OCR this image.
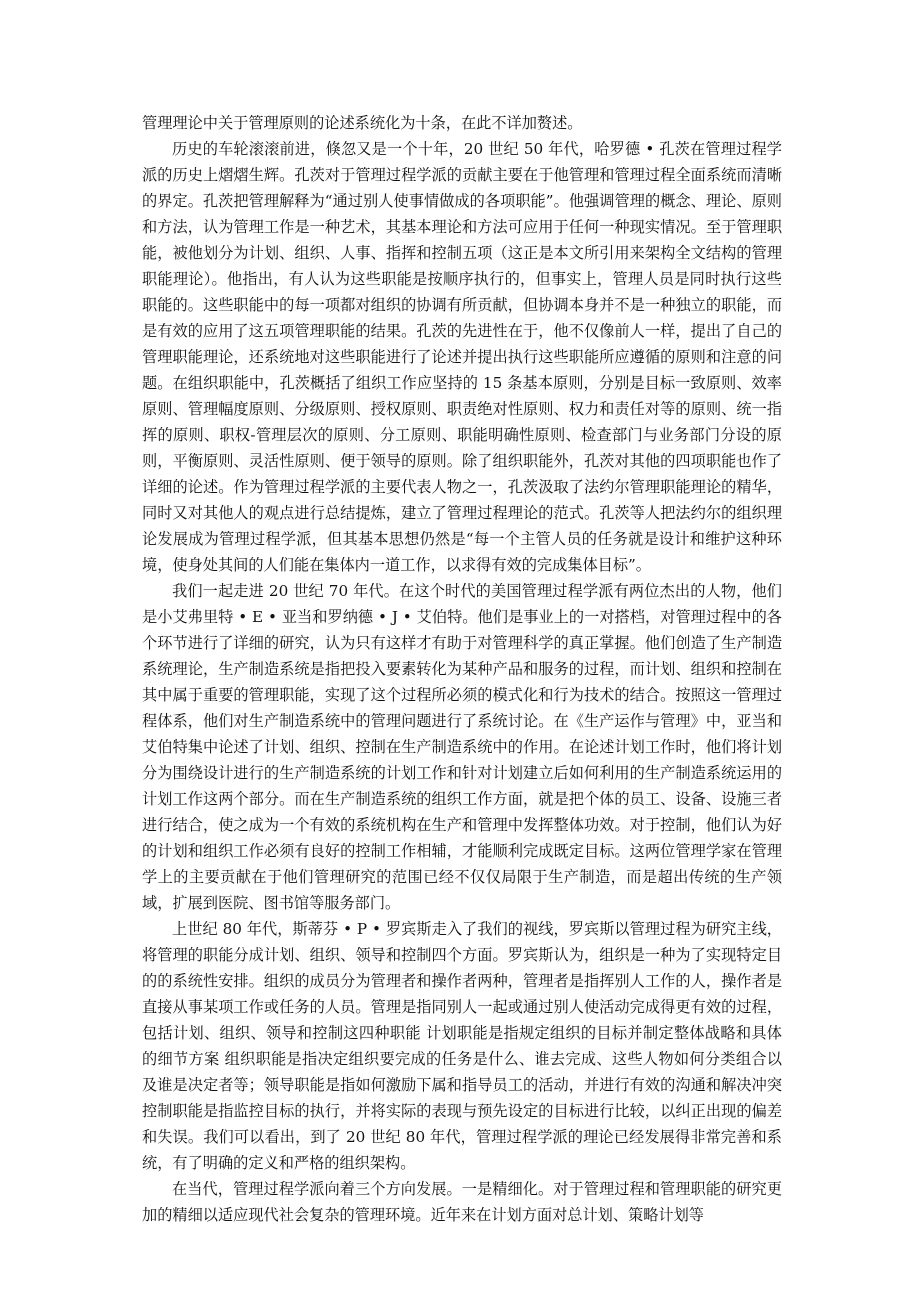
管理理论中关于管理原则的论述系统化为十条，在此不详加赘述。

历史的车轮滚滚前进，倏忽又是一个十年，20 世纪 50 年代，哈罗德 • 孔茨在管理过程学派的历史上熠熠生辉。孔茨对于管理过程学派的贡献主要在于他管理和管理过程全面系统而清晰的界定。孔茨把管理解释为“通过别人使事情做成的各项职能”。他强调管理的概念、理论、原则和方法，认为管理工作是一种艺术，其基本理论和方法可应用于任何一种现实情况。至于管理职能，被他划分为计划、组织、人事、指挥和控制五项（这正是本文所引用来架构全文结构的管理职能理论）。他指出，有人认为这些职能是按顺序执行的，但事实上，管理人员是同时执行这些职能的。这些职能中的每一项都对组织的协调有所贡献，但协调本身并不是一种独立的职能，而是有效的应用了这五项管理职能的结果。孔茨的先进性在于，他不仅像前人一样，提出了自己的管理职能理论，还系统地对这些职能进行了论述并提出执行这些职能所应遵循的原则和注意的问题。在组织职能中，孔茨概括了组织工作应坚持的 15 条基本原则，分别是目标一致原则、效率原则、管理幅度原则、分级原则、授权原则、职责绝对性原则、权力和责任对等的原则、统一指挥的原则、职权-管理层次的原则、分工原则、职能明确性原则、检查部门与业务部门分设的原则，平衡原则、灵活性原则、便于领导的原则。除了组织职能外，孔茨对其他的四项职能也作了详细的论述。作为管理过程学派的主要代表人物之一，孔茨汲取了法约尔管理职能理论的精华，同时又对其他人的观点进行总结提炼，建立了管理过程理论的范式。孔茨等人把法约尔的组织理论发展成为管理过程学派，但其基本思想仍然是“每一个主管人员的任务就是设计和维护这种环境，使身处其间的人们能在集体内一道工作，以求得有效的完成集体目标”。

我们一起走进 20 世纪 70 年代。在这个时代的美国管理过程学派有两位杰出的人物，他们是小艾弗里特 • E • 亚当和罗纳德 • J • 艾伯特。他们是事业上的一对搭档，对管理过程中的各个环节进行了详细的研究，认为只有这样才有助于对管理科学的真正掌握。他们创造了生产制造系统理论，生产制造系统是指把投入要素转化为某种产品和服务的过程，而计划、组织和控制在其中属于重要的管理职能，实现了这个过程所必须的模式化和行为技术的结合。按照这一管理过程体系，他们对生产制造系统中的管理问题进行了系统讨论。在《生产运作与管理》中，亚当和艾伯特集中论述了计划、组织、控制在生产制造系统中的作用。在论述计划工作时，他们将计划分为围绕设计进行的生产制造系统的计划工作和针对计划建立后如何利用的生产制造系统运用的计划工作这两个部分。而在生产制造系统的组织工作方面，就是把个体的员工、设备、设施三者进行结合，使之成为一个有效的系统机构在生产和管理中发挥整体功效。对于控制，他们认为好的计划和组织工作必须有良好的控制工作相辅，才能顺利完成既定目标。这两位管理学家在管理学上的主要贡献在于他们管理研究的范围已经不仅仅局限于生产制造，而是超出传统的生产领域，扩展到医院、图书馆等服务部门。

上世纪 80 年代，斯蒂芬 • P • 罗宾斯走入了我们的视线，罗宾斯以管理过程为研究主线，将管理的职能分成计划、组织、领导和控制四个方面。罗宾斯认为，组织是一种为了实现特定目的的系统性安排。组织的成员分为管理者和操作者两种，管理者是指挥别人工作的人，操作者是直接从事某项工作或任务的人员。管理是指同别人一起或通过别人使活动完成得更有效的过程，包括计划、组织、领导和控制这四种职能 计划职能是指规定组织的目标并制定整体战略和具体的细节方案 组织职能是指决定组织要完成的任务是什么、谁去完成、这些人物如何分类组合以及谁是决定者等；领导职能是指如何激励下属和指导员工的活动，并进行有效的沟通和解决冲突 控制职能是指监控目标的执行，并将实际的表现与预先设定的目标进行比较，以纠正出现的偏差和失误。我们可以看出，到了 20 世纪 80 年代，管理过程学派的理论已经发展得非常完善和系统，有了明确的定义和严格的组织架构。

在当代，管理过程学派向着三个方向发展。一是精细化。对于管理过程和管理职能的研究更加的精细以适应现代社会复杂的管理环境。近年来在计划方面对总计划、策略计划等
